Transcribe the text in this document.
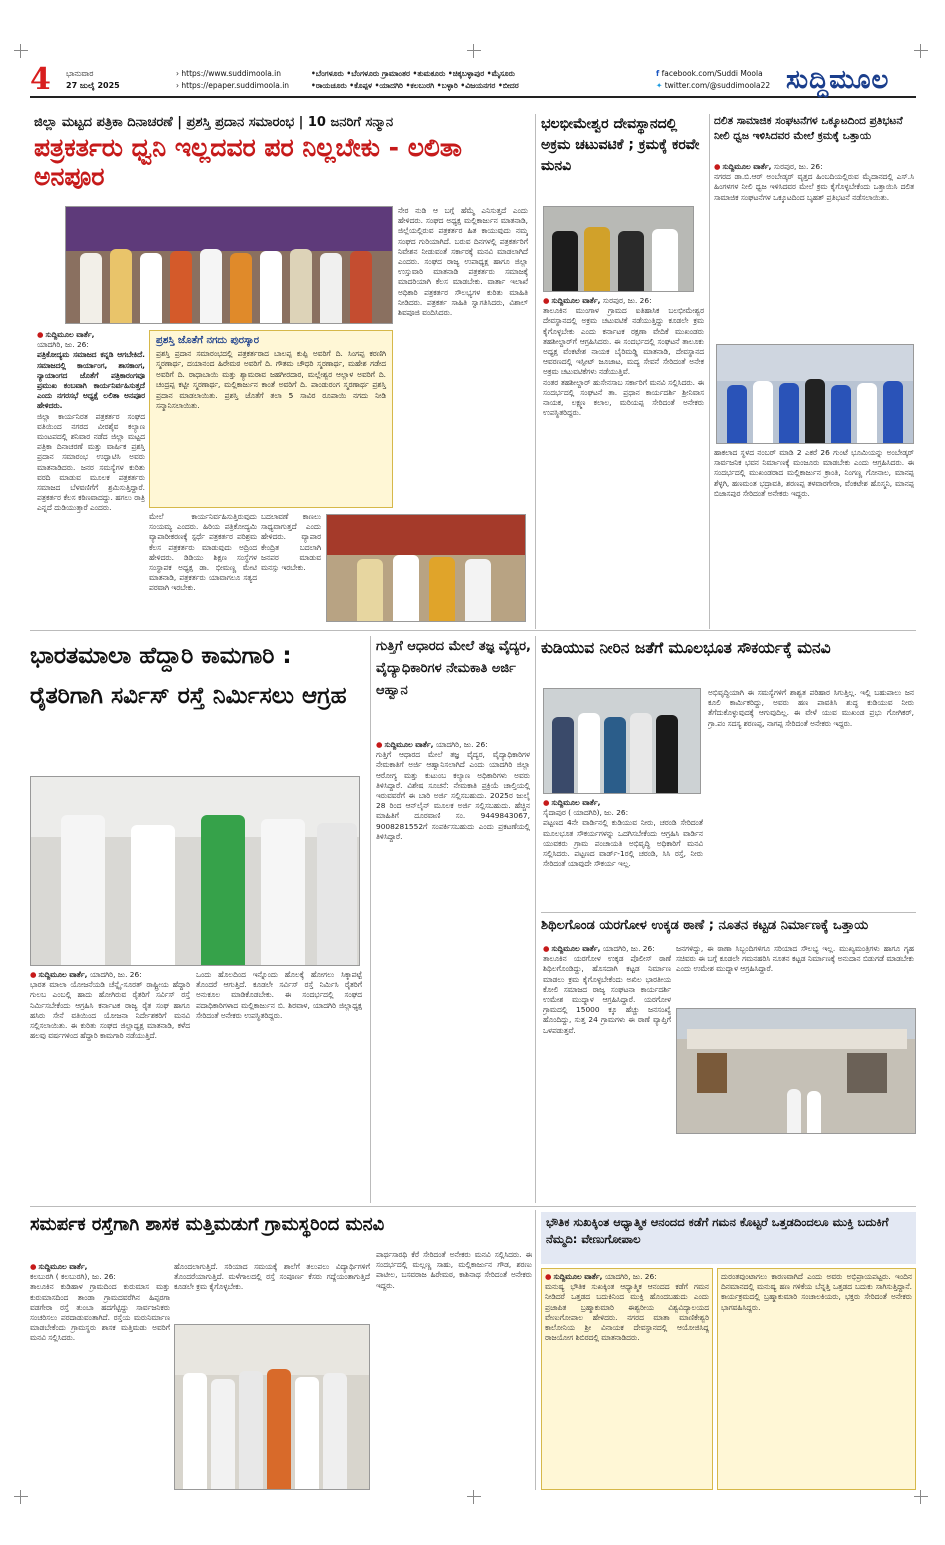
4	ಭಾನುವಾರ
27 ಜುಲೈ 2025
› https://www.suddimoola.in
› https://epaper.suddimoola.in
•ಬೆಂಗಳೂರು •ಬೆಂಗಳೂರು ಗ್ರಾಮಾಂತರ •ತುಮಕೂರು •ಚಿಕ್ಕಬಳ್ಳಾಪುರ •ಮೈಸೂರು
•ರಾಯಚೂರು •ಕೊಪ್ಪಳ •ಯಾದಗಿರಿ •ಕಲಬುರಗಿ •ಬಳ್ಳಾರಿ •ವಿಜಯನಗರ •ಬೀದರ
f facebook.com/Suddi Moola
✦ twitter.com/@suddimoola22 ಸುದ್ದಿಮೂಲ
ಜಿಲ್ಲಾ ಮಟ್ಟದ ಪತ್ರಿಕಾ ದಿನಾಚರಣೆ | ಪ್ರಶಸ್ತಿ ಪ್ರದಾನ ಸಮಾರಂಭ | 10 ಜನರಿಗೆ ಸನ್ಮಾನ
ಪತ್ರಕರ್ತರು ಧ್ವನಿ ಇಲ್ಲದವರ ಪರ ನಿಲ್ಲಬೇಕು - ಲಲಿತಾ ಅನಪೂರ
● ಸುದ್ದಿಮೂಲ ವಾರ್ತೆ,
ಯಾದಗಿರಿ, ಜು. 26:
ಪತ್ರಿಕೋದ್ಯಮ ಸಮಾಜದ ಕನ್ನಡಿ ಆಗಬೇಕಿದೆ. ಸಮಾಜದಲ್ಲಿ ಕಾರ್ಯಾಂಗ, ಶಾಸಕಾಂಗ, ನ್ಯಾಯಾಂಗದ ಜೊತೆಗೆ ಪತ್ರಿಕಾರಂಗವೂ ಪ್ರಮುಖ ಕಂಬವಾಗಿ ಕಾರ್ಯನಿರ್ವಹಿಸುತ್ತದೆ ಎಂದು ನಗರಸಭೆ ಅಧ್ಯಕ್ಷೆ ಲಲಿತಾ ಅನಪೂರ ಹೇಳಿದರು.
ಜಿಲ್ಲಾ ಕಾರ್ಯನಿರತ ಪತ್ರಕರ್ತರ ಸಂಘದ ವತಿಯಿಂದ ನಗರದ ವೀರಶೈವ ಕಲ್ಯಾಣ ಮಂಟಪದಲ್ಲಿ ಶನಿವಾರ ನಡೆದ ಜಿಲ್ಲಾ ಮಟ್ಟದ ಪತ್ರಿಕಾ ದಿನಾಚರಣೆ ಮತ್ತು ವಾರ್ಷಿಕ ಪ್ರಶಸ್ತಿ ಪ್ರದಾನ ಸಮಾರಂಭ ಉದ್ಘಾಟಿಸಿ ಅವರು ಮಾತನಾಡಿದರು. ಜನರ ಸಮಸ್ಯೆಗಳ ಕುರಿತು ವರದಿ ಮಾಡುವ ಮೂಲಕ ಪತ್ರಕರ್ತರು ಸಮಾಜದ ಬೆಳವಣಿಗೆಗೆ ಶ್ರಮಿಸುತ್ತಿದ್ದಾರೆ. ಪತ್ರಕರ್ತರ ಕೆಲಸ ಕಠಿಣವಾದದ್ದು. ಹಗಲು ರಾತ್ರಿ ಎನ್ನದೆ ದುಡಿಯುತ್ತಾರೆ ಎಂದರು.
ಪ್ರಶಸ್ತಿ ಜೊತೆಗೆ ನಗದು ಪುರಸ್ಕಾರ
ಪ್ರಶಸ್ತಿ ಪ್ರದಾನ ಸಮಾರಂಭದಲ್ಲಿ ಪತ್ರಕರ್ತರಾದ ಬಾಲಪ್ಪ ಕುಪ್ಪಿ ಅವರಿಗೆ ದಿ. ಸಿಂಗಪ್ಪ ಕರಣಿಗಿ ಸ್ಮರಣಾರ್ಥ, ದಯಾನಂದ ಹಿರೇಮಠ ಅವರಿಗೆ ದಿ. ಗೌತಮ ಚೌಧರಿ ಸ್ಮರಣಾರ್ಥ, ಮಹೇಶ ಗಡೇದ ಅವರಿಗೆ ದಿ. ರಾಧಾಬಾಯಿ ಮತ್ತು ಶ್ಯಾಮರಾವ ಜಹಗೀರದಾರ, ಮಲ್ಲೇಶ್ವರ ಆಲ್ಲಾಳ ಅವರಿಗೆ ದಿ. ಚಂದ್ರಪ್ಪ ಕಟ್ಟೀ ಸ್ಮರಣಾರ್ಥ, ಮಲ್ಲಿಕಾರ್ಜುನ ಕಾಂತೆ ಅವರಿಗೆ ದಿ. ಪಾಂಡುರಂಗ ಸ್ಮರಣಾರ್ಥ ಪ್ರಶಸ್ತಿ ಪ್ರದಾನ ಮಾಡಲಾಯಿತು. ಪ್ರಶಸ್ತಿ ಜೊತೆಗೆ ತಲಾ 5 ಸಾವಿರ ರೂಪಾಯಿ ನಗದು ನೀಡಿ ಸನ್ಮಾನಿಸಲಾಯಿತು.
ನೇರ ನುಡಿ ಆ ಬಗ್ಗೆ ಹೆಮ್ಮೆ ಎನಿಸುತ್ತದೆ ಎಂದು ಹೇಳಿದರು. ಸಂಘದ ಅಧ್ಯಕ್ಷ ಮಲ್ಲಿಕಾರ್ಜುನ ಮಾತನಾಡಿ, ಜಿಲ್ಲೆಯಲ್ಲಿರುವ ಪತ್ರಕರ್ತರ ಹಿತ ಕಾಯುವುದು ನಮ್ಮ ಸಂಘದ ಗುರಿಯಾಗಿದೆ. ಬರುವ ದಿನಗಳಲ್ಲಿ ಪತ್ರಕರ್ತರಿಗೆ ನಿವೇಶನ ನೀಡುವಂತೆ ಸರ್ಕಾರಕ್ಕೆ ಮನವಿ ಮಾಡಲಾಗಿದೆ ಎಂದರು. ಸಂಘದ ರಾಜ್ಯ ಉಪಾಧ್ಯಕ್ಷ ಹಾಗೂ ಜಿಲ್ಲಾ ಉಸ್ತುವಾರಿ ಮಾತನಾಡಿ ಪತ್ರಕರ್ತರು ಸಮಾಜಕ್ಕೆ ಮಾದರಿಯಾಗಿ ಕೆಲಸ ಮಾಡಬೇಕು. ವಾರ್ತಾ ಇಲಾಖೆ ಅಧಿಕಾರಿ ಪತ್ರಕರ್ತರ ಸೌಲಭ್ಯಗಳ ಕುರಿತು ಮಾಹಿತಿ ನೀಡಿದರು. ಪತ್ರಕರ್ತ ಸಾಹಿತಿ ಸ್ವಾಗತಿಸಿದರು, ವಿಶಾಲ್ ಶಿವಪೂಜಿ ವಂದಿಸಿದರು.
ಮೇಲೆ ಕಾರ್ಯನಿರ್ವಹಿಸುತ್ತಿರುವುದು ಸಂಯಮ್ಯ ಎಂದರು. ಹಿರಿಯ ಪತ್ರಿಕೋದ್ಯಮಿ ವ್ಯಾಪಾರೀಕರಣಕ್ಕೆ ಸ್ಪರ್ಧೆ ಪತ್ರಕರ್ತರ ಪರಿಶ್ರಮ ಕೆಲಸ ಪತ್ರಕರ್ತರು ಮಾಡುವುದು ಅದ್ರಿಂದ ಹೇಳಿದರು. ಡಿಡಿಯು ಶಿಕ್ಷಣ ಸಂಸ್ಥೆಗಳ ಸಂಸ್ಥಾಪಕ ಅಧ್ಯಕ್ಷ ಡಾ. ಭೀಮಣ್ಣ ಮೇಟಿ ಮಾತನಾಡಿ, ಪತ್ರಕರ್ತರು ಯಾವಾಗಲೂ ಸತ್ಯದ ಪರವಾಗಿ ಇರಬೇಕು.
ಬದಲಾವಣೆ ಕಾಣಲು ಸಾಧ್ಯವಾಗುತ್ತದೆ ಎಂದು ಹೇಳಿದರು. ವ್ಯಾಪಾರ ಕೇಂದ್ರಿತ ಬದಲಾಗಿ ಜನಪರ ಮಾಡುವ ಮನಸ್ಸು ಇರಬೇಕು.
ಭಲಭೀಮೇಶ್ವರ ದೇವಸ್ಥಾನದಲ್ಲಿ ಅಕ್ರಮ ಚಟುವಟಿಕೆ ; ಕ್ರಮಕ್ಕೆ ಕರವೇ ಮನವಿ
● ಸುದ್ದಿಮೂಲ ವಾರ್ತೆ, ಸುರಪುರ, ಜು. 26:
ತಾಲೂಕಿನ ಮುಂಗಾಳ ಗ್ರಾಮದ ಐತಿಹಾಸಿಕ ಬಲಭೀಮೇಶ್ವರ ದೇವಸ್ಥಾನದಲ್ಲಿ ಅಕ್ರಮ ಚಟುವಟಿಕೆ ನಡೆಯುತ್ತಿದ್ದು ಕೂಡಲೇ ಕ್ರಮ ಕೈಗೊಳ್ಳಬೇಕು ಎಂದು ಕರ್ನಾಟಕ ರಕ್ಷಣಾ ವೇದಿಕೆ ಮುಖಂಡರು ತಹಶೀಲ್ದಾರ್‌ಗೆ ಆಗ್ರಹಿಸಿದರು. ಈ ಸಂದರ್ಭದಲ್ಲಿ ಸಂಘಟನೆ ತಾಲೂಕು ಅಧ್ಯಕ್ಷ ವೆಂಕಟೇಶ ನಾಯಕ ಬೈರಿಮಡ್ಡಿ ಮಾತನಾಡಿ, ದೇವಸ್ಥಾನದ ಆವರಣದಲ್ಲಿ ಇಸ್ಪೀಟ್ ಜೂಜಾಟ, ಮದ್ಯ ಸೇವನೆ ಸೇರಿದಂತೆ ಅನೇಕ ಅಕ್ರಮ ಚಟುವಟಿಕೆಗಳು ನಡೆಯುತ್ತಿವೆ.
ನಂತರ ತಹಶೀಲ್ದಾರ್ ಹುಸೇನಸಾಬ ಸರ್ಕಾರಿಗೆ ಮನವಿ ಸಲ್ಲಿಸಿದರು. ಈ ಸಂದರ್ಭದಲ್ಲಿ ಸಂಘಟನೆ ತಾ. ಪ್ರಧಾನ ಕಾರ್ಯದರ್ಶಿ ಶ್ರೀನಿವಾಸ ನಾಯಕ, ಲಕ್ಷ್ಮಣ ಕಲಾಲ, ಮರಿಯಪ್ಪ ಸೇರಿದಂತೆ ಅನೇಕರು ಉಪಸ್ಥಿತರಿದ್ದರು.
ದಲಿತ ಸಾಮಾಜಿಕ ಸಂಘಟನೆಗಳ ಒಕ್ಕೂಟದಿಂದ ಪ್ರತಿಭಟನೆ ನೀಲಿ ಧ್ವಜ ಇಳಿಸಿದವರ ಮೇಲೆ ಕ್ರಮಕ್ಕೆ ಒತ್ತಾಯ
● ಸುದ್ದಿಮೂಲ ವಾರ್ತೆ, ಸುರಪುರ, ಜು. 26:
ನಗರದ ಡಾ.ಬಿ.ಆರ್ ಅಂಬೇಡ್ಕರ್ ವೃತ್ತದ ಹಿಂಬದಿಯಲ್ಲಿರುವ ಮೈದಾನದಲ್ಲಿ ಎಸ್.ಸಿ ಹಿಂಗಳಗಳ ನೀಲಿ ಧ್ವಜ ಇಳಿಸಿದವರ ಮೇಲೆ ಕ್ರಮ ಕೈಗೊಳ್ಳಬೇಕೆಂದು ಒತ್ತಾಯಿಸಿ ದಲಿತ ಸಾಮಾಜಿಕ ಸಂಘಟನೆಗಳ ಒಕ್ಕೂಟದಿಂದ ಬೃಹತ್ ಪ್ರತಿಭಟನೆ ನಡೆಸಲಾಯಿತು.
ಹಾಕಲಾದ ಸ್ಥಳದ ನಂಬರ್ ಮಾಡಿ 2 ಎಕರೆ 26 ಗುಂಟೆ ಭೂಮಿಯನ್ನು ಅಂಬೇಡ್ಕರ್ ಸಾರ್ವಜನಿಕ ಭವನ ನಿರ್ಮಾಣಕ್ಕೆ ಮಂಜೂರು ಮಾಡಬೇಕು ಎಂದು ಆಗ್ರಹಿಸಿದರು. ಈ ಸಂದರ್ಭದಲ್ಲಿ ಮುಖಂಡರಾದ ಮಲ್ಲಿಕಾರ್ಜುನ ಕ್ರಾಂತಿ, ನಿಂಗಣ್ಣ ಗೋನಾಲ, ಮಾನಪ್ಪ ಶೆಳ್ಳಗಿ, ಹಣಮಂತ ಭದ್ರಾವತಿ, ಶರಣಪ್ಪ ತಳವಾರಗೇರಾ, ವೆಂಕಟೇಶ ಹೊಸ್ಮನಿ, ಮಾನಪ್ಪ ಬಿಜಾಸಪುರ ಸೇರಿದಂತೆ ಅನೇಕರು ಇದ್ದರು.
ಕುಡಿಯುವ ನೀರಿನ ಜತೆಗೆ ಮೂಲಭೂತ ಸೌಕರ್ಯಕ್ಕೆ ಮನವಿ
● ಸುದ್ದಿಮೂಲ ವಾರ್ತೆ,
ಸೈದಾಪುರ ( ಯಾದಗಿರಿ), ಜು. 26:
ಪಟ್ಟಣದ 4ನೇ ವಾರ್ಡಿನಲ್ಲಿ ಕುಡಿಯುವ ನೀರು, ಚರಂಡಿ ಸೇರಿದಂತೆ ಮೂಲಭೂತ ಸೌಕರ್ಯಗಳನ್ನು ಒದಗಿಸಬೇಕೆಂದು ಆಗ್ರಹಿಸಿ ವಾರ್ಡಿನ ಯುವಕರು ಗ್ರಾಮ ಪಂಚಾಯತಿ ಅಭಿವೃದ್ಧಿ ಅಧಿಕಾರಿಗೆ ಮನವಿ ಸಲ್ಲಿಸಿದರು. ಪಟ್ಟಣದ ವಾರ್ಡ್-1ರಲ್ಲಿ ಚರಂಡಿ, ಸಿಸಿ ರಸ್ತೆ, ನೀರು ಸೇರಿದಂತೆ ಯಾವುದೇ ಸೌಕರ್ಯ ಇಲ್ಲ.
ಅಭಿವೃದ್ಧಿಯಾಗಿ ಈ ಸಮಸ್ಯೆಗಳಿಗೆ ಶಾಶ್ವತ ಪರಿಹಾರ ಸಿಗುತ್ತಿಲ್ಲ. ಇಲ್ಲಿ ಬಹುಪಾಲು ಜನ ಕೂಲಿ ಕಾರ್ಮಿಕರಿದ್ದು, ಅವರು ಹಣ ಪಾವತಿಸಿ ಶುದ್ಧ ಕುಡಿಯುವ ನೀರು ತೆಗೆದುಕೊಳ್ಳುವುದಕ್ಕೆ ಆಗುವುದಿಲ್ಲ. ಈ ವೇಳೆ ಯುವ ಮುಖಂಡ ಪ್ರಭು ಗೋಗಿಕರ್, ಗ್ರಾ.ಪಂ ಸದಸ್ಯ ಶರಣಪ್ಪ, ನಾಗಪ್ಪ ಸೇರಿದಂತೆ ಅನೇಕರು ಇದ್ದರು.
ಶಿಥಿಲಗೊಂಡ ಯರಗೋಳ ಉಕ್ಕಡ ಠಾಣೆ ; ನೂತನ ಕಟ್ಟಡ ನಿರ್ಮಾಣಕ್ಕೆ ಒತ್ತಾಯ
● ಸುದ್ದಿಮೂಲ ವಾರ್ತೆ, ಯಾದಗಿರಿ, ಜು. 26:
ತಾಲೂಕಿನ ಯರಗೋಳ ಉಕ್ಕಡ ಪೊಲೀಸ್ ಠಾಣೆ ಶಿಥಿಲಗೊಂಡಿದ್ದು, ಹೊಸದಾಗಿ ಕಟ್ಟಡ ನಿರ್ಮಾಣ ಮಾಡಲು ಕ್ರಮ ಕೈಗೊಳ್ಳಬೇಕೆಂದು ಅಖಿಲ ಭಾರತೀಯ ಕೋಲಿ ಸಮಾಜದ ರಾಜ್ಯ ಸಂಘಟನಾ ಕಾರ್ಯದರ್ಶಿ ಉಮೇಶ ಮುದ್ನಾಳ ಆಗ್ರಹಿಸಿದ್ದಾರೆ. ಯರಗೋಳ ಗ್ರಾಮದಲ್ಲಿ 15000 ಕ್ಕೂ ಹೆಚ್ಚು ಜನಸಂಖ್ಯೆ ಹೊಂದಿದ್ದು, ಸುತ್ತ 24 ಗ್ರಾಮಗಳು ಈ ಠಾಣೆ ವ್ಯಾಪ್ತಿಗೆ ಒಳಪಡುತ್ತವೆ.
ಜನಗಳಿದ್ದು, ಈ ಠಾಣಾ ಸಿಬ್ಬಂದಿಗಳಿಗೂ ಸರಿಯಾದ ಸೌಲಭ್ಯ ಇಲ್ಲ. ಮುಖ್ಯಮಂತ್ರಿಗಳು ಹಾಗೂ ಗೃಹ ಸಚಿವರು ಈ ಬಗ್ಗೆ ಕೂಡಲೇ ಗಮನಹರಿಸಿ ನೂತನ ಕಟ್ಟಡ ನಿರ್ಮಾಣಕ್ಕೆ ಅನುದಾನ ಬಿಡುಗಡೆ ಮಾಡಬೇಕು ಎಂದು ಉಮೇಶ ಮುದ್ನಾಳ ಆಗ್ರಹಿಸಿದ್ದಾರೆ.
ಭಾರತಮಾಲಾ ಹೆದ್ದಾರಿ ಕಾಮಗಾರಿ : ರೈತರಿಗಾಗಿ ಸರ್ವಿಸ್ ರಸ್ತೆ ನಿರ್ಮಿಸಲು ಆಗ್ರಹ
● ಸುದ್ದಿಮೂಲ ವಾರ್ತೆ, ಯಾದಗಿರಿ, ಜು. 26:
ಭಾರತ ಮಾಲಾ ಯೋಜನೆಯಡಿ ಚೆನ್ನೈ-ಸೂರತ್ ರಾಷ್ಟ್ರೀಯ ಹೆದ್ದಾರಿ ಗುಲಬ ಎಂಬಲ್ಲಿ ಹಾದು ಹೋಗಿರುವ ರೈತರಿಗೆ ಸರ್ವಿಸ್ ರಸ್ತೆ ನಿರ್ಮಿಸಬೇಕೆಂದು ಆಗ್ರಹಿಸಿ ಕರ್ನಾಟಕ ರಾಜ್ಯ ರೈತ ಸಂಘ ಹಾಗೂ ಹಸಿರು ಸೇನೆ ವತಿಯಿಂದ ಯೋಜನಾ ನಿರ್ದೇಶಕರಿಗೆ ಮನವಿ ಸಲ್ಲಿಸಲಾಯಿತು. ಈ ಕುರಿತು ಸಂಘದ ಜಿಲ್ಲಾಧ್ಯಕ್ಷ ಮಾತನಾಡಿ, ಕಳೆದ ಹಲವು ವರ್ಷಗಳಿಂದ ಹೆದ್ದಾರಿ ಕಾಮಗಾರಿ ನಡೆಯುತ್ತಿದೆ.
ಒಂದು ಹೊಲದಿಂದ ಇನ್ನೊಂದು ಹೊಲಕ್ಕೆ ಹೋಗಲು ಸಿಕ್ಕಾಪಟ್ಟೆ ತೊಂದರೆ ಆಗುತ್ತಿದೆ. ಕೂಡಲೇ ಸರ್ವಿಸ್ ರಸ್ತೆ ನಿರ್ಮಿಸಿ ರೈತರಿಗೆ ಅನುಕೂಲ ಮಾಡಿಕೊಡಬೇಕು. ಈ ಸಂದರ್ಭದಲ್ಲಿ ಸಂಘದ ಪದಾಧಿಕಾರಿಗಳಾದ ಮಲ್ಲಿಕಾರ್ಜುನ ಬಿ. ಶಿರವಾಳ, ಯಾದಗಿರಿ ಜಿಲ್ಲಾಧ್ಯಕ್ಷ ಸೇರಿದಂತೆ ಅನೇಕರು ಉಪಸ್ಥಿತರಿದ್ದರು.
ಗುತ್ತಿಗೆ ಆಧಾರದ ಮೇಲೆ ತಜ್ಞ ವೈದ್ಯರ, ವೈದ್ಯಾಧಿಕಾರಿಗಳ ನೇಮಕಾತಿ ಅರ್ಜಿ ಆಹ್ವಾನ
● ಸುದ್ದಿಮೂಲ ವಾರ್ತೆ, ಯಾದಗಿರಿ, ಜು. 26:
ಗುತ್ತಿಗೆ ಆಧಾರದ ಮೇಲೆ ತಜ್ಞ ವೈದ್ಯರ, ವೈದ್ಯಾಧಿಕಾರಿಗಳ ನೇಮಕಾತಿಗೆ ಅರ್ಜಿ ಆಹ್ವಾನಿಸಲಾಗಿದೆ ಎಂದು ಯಾದಗಿರಿ ಜಿಲ್ಲಾ ಆರೋಗ್ಯ ಮತ್ತು ಕುಟುಂಬ ಕಲ್ಯಾಣ ಅಧಿಕಾರಿಗಳು ಅವರು ತಿಳಿಸಿದ್ದಾರೆ. ವಿಶೇಷ ಸೂಚನೆ: ನೇಮಕಾತಿ ಪ್ರಕ್ರಿಯೆ ಚಾಲ್ತಿಯಲ್ಲಿ ಇರುವವರೆಗೆ ಈ ಬಾರಿ ಅರ್ಜಿ ಸಲ್ಲಿಸಬಹುದು. 2025ರ ಜುಲೈ 28 ರಿಂದ ಆನ್‌ಲೈನ್ ಮೂಲಕ ಅರ್ಜಿ ಸಲ್ಲಿಸಬಹುದು. ಹೆಚ್ಚಿನ ಮಾಹಿತಿಗೆ ದೂರವಾಣಿ ಸಂ. 9449843067, 9008281552ಗೆ ಸಂಪರ್ಕಿಸಬಹುದು ಎಂದು ಪ್ರಕಟಣೆಯಲ್ಲಿ ತಿಳಿಸಿದ್ದಾರೆ.
ಸಮರ್ಪಕ ರಸ್ತೆಗಾಗಿ ಶಾಸಕ ಮತ್ತಿಮಡುಗೆ ಗ್ರಾಮಸ್ಥರಿಂದ ಮನವಿ
● ಸುದ್ದಿಮೂಲ ವಾರ್ತೆ,
ಕಲಬುರಗಿ ( ಕಲಬುರಗಿ), ಜು. 26:
ತಾಲೂಕಿನ ಕುಡಿಹಾಳ ಗ್ರಾಮದಿಂದ ಕುರುಮಾಸ ಮತ್ತು ಕುರುಮಾಸದಿಂದ ತಾಂಡಾ ಗ್ರಾಮದವರೆಗಿನ ಹಿಪ್ಪರಗಾ ವಡಗೇರಾ ರಸ್ತೆ ತುಂಬಾ ಹದಗೆಟ್ಟಿದ್ದು ಸಾರ್ವಜನಿಕರು ಸಂಚರಿಸಲು ಪರದಾಡುವಂತಾಗಿದೆ. ರಸ್ತೆಯ ಮರುನಿರ್ಮಾಣ ಮಾಡಬೇಕೆಂದು ಗ್ರಾಮಸ್ಥರು ಶಾಸಕ ಮತ್ತಿಮಡು ಅವರಿಗೆ ಮನವಿ ಸಲ್ಲಿಸಿದರು.
ಹೊಂದಲಾಗುತ್ತಿದೆ. ಸರಿಯಾದ ಸಮಯಕ್ಕೆ ಶಾಲೆಗೆ ತಲುಪಲು ವಿದ್ಯಾರ್ಥಿಗಳಿಗೆ ತೊಂದರೆಯಾಗುತ್ತಿದೆ. ಮಳೆಗಾಲದಲ್ಲಿ ರಸ್ತೆ ಸಂಪೂರ್ಣ ಕೆಸರು ಗದ್ದೆಯಂತಾಗುತ್ತಿದೆ ಕೂಡಲೇ ಕ್ರಮ ಕೈಗೊಳ್ಳಬೇಕು.
ಪಾರ್ಥಸಾರಥಿ ಕೆರೆ ಸೇರಿದಂತೆ ಅನೇಕರು ಮನವಿ ಸಲ್ಲಿಸಿದರು. ಈ ಸಂದರ್ಭದಲ್ಲಿ ಮಲ್ಲಣ್ಣ ಸಾಹು, ಮಲ್ಲಿಕಾರ್ಜುನ ಗೌಡ, ಶರಣು ಪಾಟೀಲ, ಬಸವರಾಜ ಹಿರೇಮಠ, ಕಾಶಿನಾಥ ಸೇರಿದಂತೆ ಅನೇಕರು ಇದ್ದರು.
ಭೌತಿಕ ಸುಖಕ್ಕಿಂತ ಆಧ್ಯಾತ್ಮಿಕ ಆನಂದದ ಕಡೆಗೆ ಗಮನ ಕೊಟ್ಟರೆ ಒತ್ತಡದಿಂದಲೂ ಮುಕ್ತಿ ಬದುಕಿಗೆ ನೆಮ್ಮದಿ: ವೇಣುಗೋಪಾಲ
● ಸುದ್ದಿಮೂಲ ವಾರ್ತೆ, ಯಾದಗಿರಿ, ಜು. 26:
ಮನುಷ್ಯ ಭೌತಿಕ ಸುಖಕ್ಕಿಂತ ಆಧ್ಯಾತ್ಮಿಕ ಆನಂದದ ಕಡೆಗೆ ಗಮನ ನೀಡಿದರೆ ಒತ್ತಡದ ಬದುಕಿನಿಂದ ಮುಕ್ತಿ ಹೊಂದಬಹುದು ಎಂದು ಪ್ರಜಾಪಿತ ಬ್ರಹ್ಮಾಕುಮಾರಿ ಈಶ್ವರೀಯ ವಿಶ್ವವಿದ್ಯಾಲಯದ ವೇಣುಗೋಪಾಲ ಹೇಳಿದರು. ನಗರದ ಮಾತಾ ಮಾಣಿಕೇಶ್ವರಿ ಕಾಲೋನಿಯ ಶ್ರೀ ವಿನಾಯಕ ದೇವಸ್ಥಾನದಲ್ಲಿ ಆಯೋಜಿಸಿದ್ದ ರಾಜಯೋಗ ಶಿಬಿರದಲ್ಲಿ ಮಾತನಾಡಿದರು.
ದುರಂತವುಂಟಾಗಲು ಕಾರಣವಾಗಿದೆ ಎಂದು ಅವರು ಅಭಿಪ್ರಾಯಪಟ್ಟರು. ಇಂದಿನ ದಿನಮಾನದಲ್ಲಿ ಮನುಷ್ಯ ಹಣ ಗಳಿಕೆಯ ಬೆನ್ನತ್ತಿ ಒತ್ತಡದ ಬದುಕು ಸಾಗಿಸುತ್ತಿದ್ದಾನೆ. ಕಾರ್ಯಕ್ರಮದಲ್ಲಿ ಬ್ರಹ್ಮಾಕುಮಾರಿ ಸಂಚಾಲಕಿಯರು, ಭಕ್ತರು ಸೇರಿದಂತೆ ಅನೇಕರು ಭಾಗವಹಿಸಿದ್ದರು.
